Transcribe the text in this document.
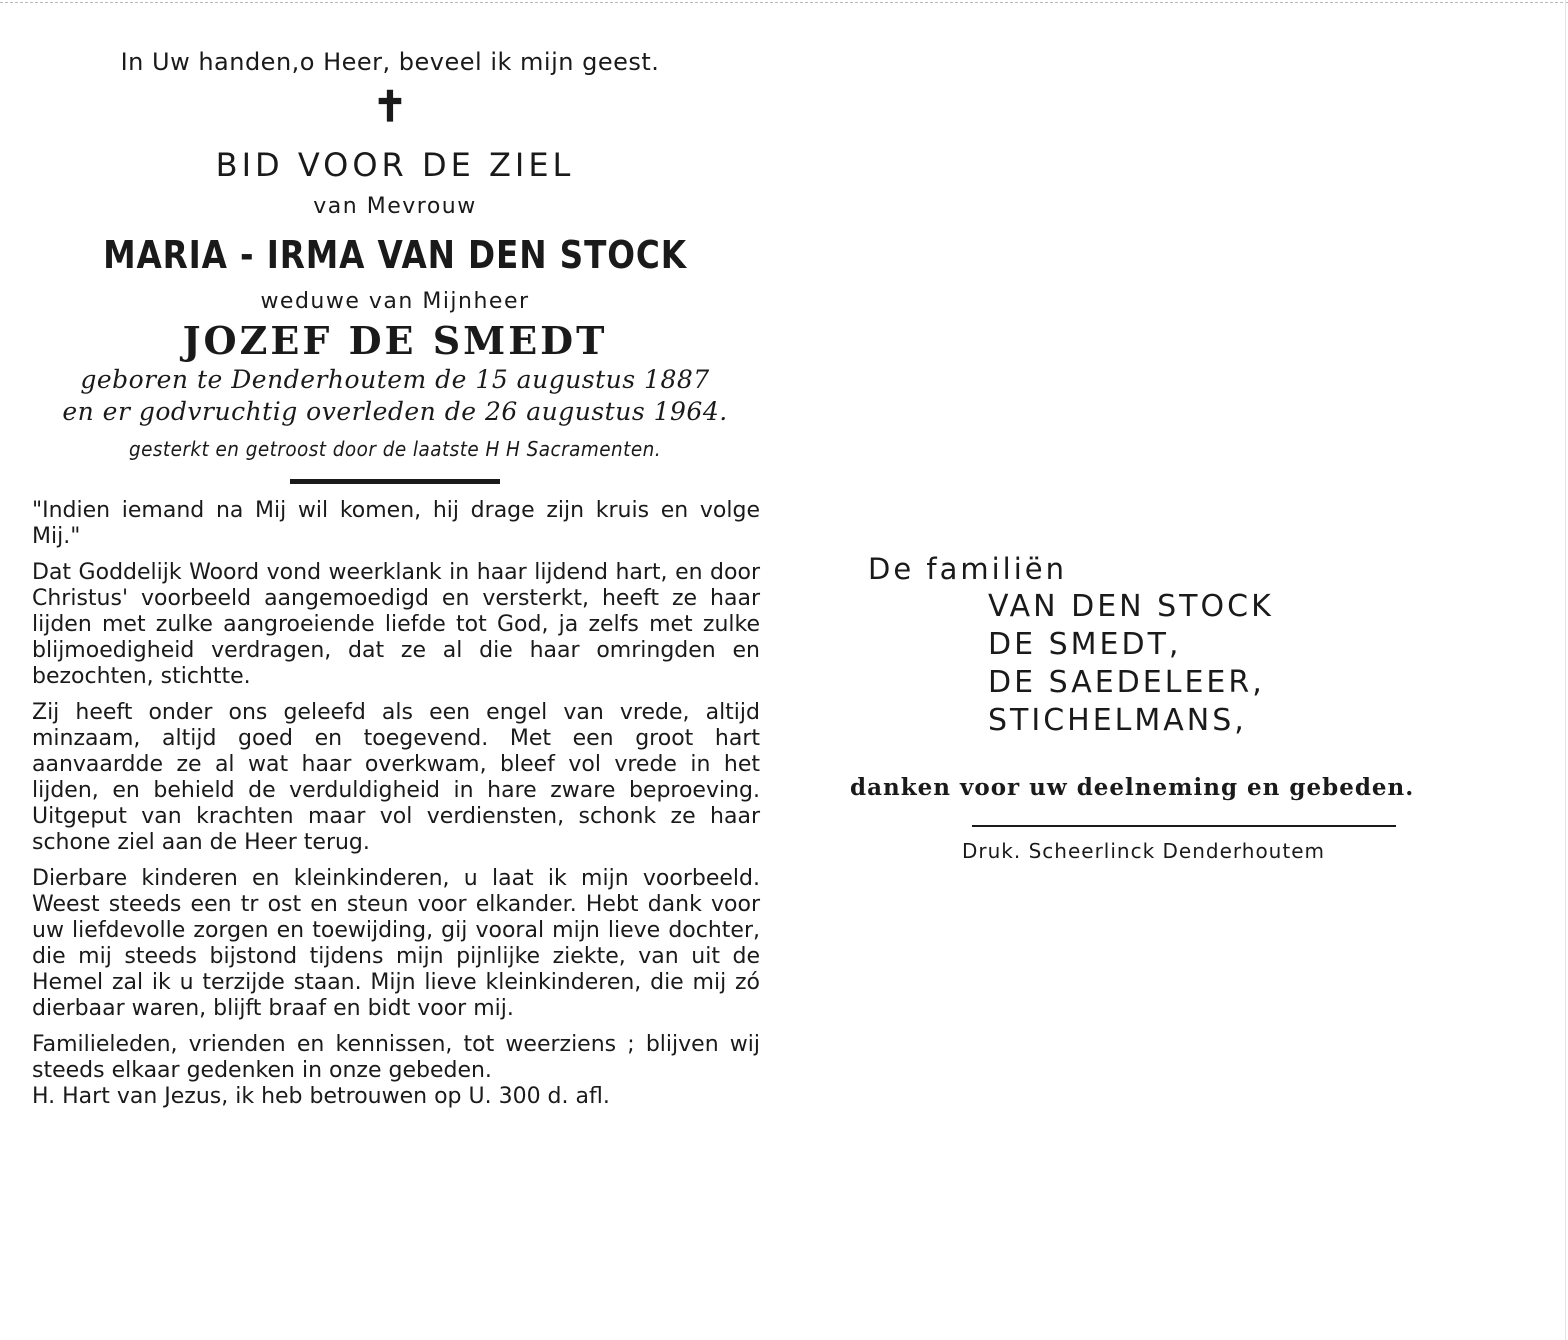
In Uw handen,o Heer, beveel ik mijn geest.
✝
BID VOOR DE ZIEL
van Mevrouw
MARIA - IRMA VAN DEN STOCK
weduwe van Mijnheer
JOZEF DE SMEDT
geboren te Denderhoutem de 15 augustus 1887
en er godvruchtig overleden de 26 augustus 1964.
gesterkt en getroost door de laatste H H Sacramenten.

"Indien iemand na Mij wil komen, hij drage zijn kruis en volge Mij."

Dat Goddelijk Woord vond weerklank in haar lijdend hart, en door Christus' voorbeeld aangemoedigd en versterkt, heeft ze haar lijden met zulke aangroeiende liefde tot God, ja zelfs met zulke blijmoedigheid verdragen, dat ze al die haar omringden en bezochten, stichtte.

Zij heeft onder ons geleefd als een engel van vrede, altijd minzaam, altijd goed en toegevend. Met een groot hart aanvaardde ze al wat haar overkwam, bleef vol vrede in het lijden, en behield de verduldigheid in hare zware beproeving. Uitgeput van krachten maar vol verdiensten, schonk ze haar schone ziel aan de Heer terug.

Dierbare kinderen en kleinkinderen, u laat ik mijn voorbeeld. Weest steeds een tr ost en steun voor elkander. Hebt dank voor uw liefdevolle zorgen en toewijding, gij vooral mijn lieve dochter, die mij steeds bijstond tijdens mijn pijnlijke ziekte, van uit de Hemel zal ik u terzijde staan. Mijn lieve kleinkinderen, die mij zó dierbaar waren, blijft braaf en bidt voor mij.

Familieleden, vrienden en kennissen, tot weerziens ; blijven wij steeds elkaar gedenken in onze gebeden.

H. Hart van Jezus, ik heb betrouwen op U. 300 d. afl.

De familiën
VAN DEN STOCK
DE SMEDT,
DE SAEDELEER,
STICHELMANS,
danken voor uw deelneming en gebeden.
Druk. Scheerlinck Denderhoutem
